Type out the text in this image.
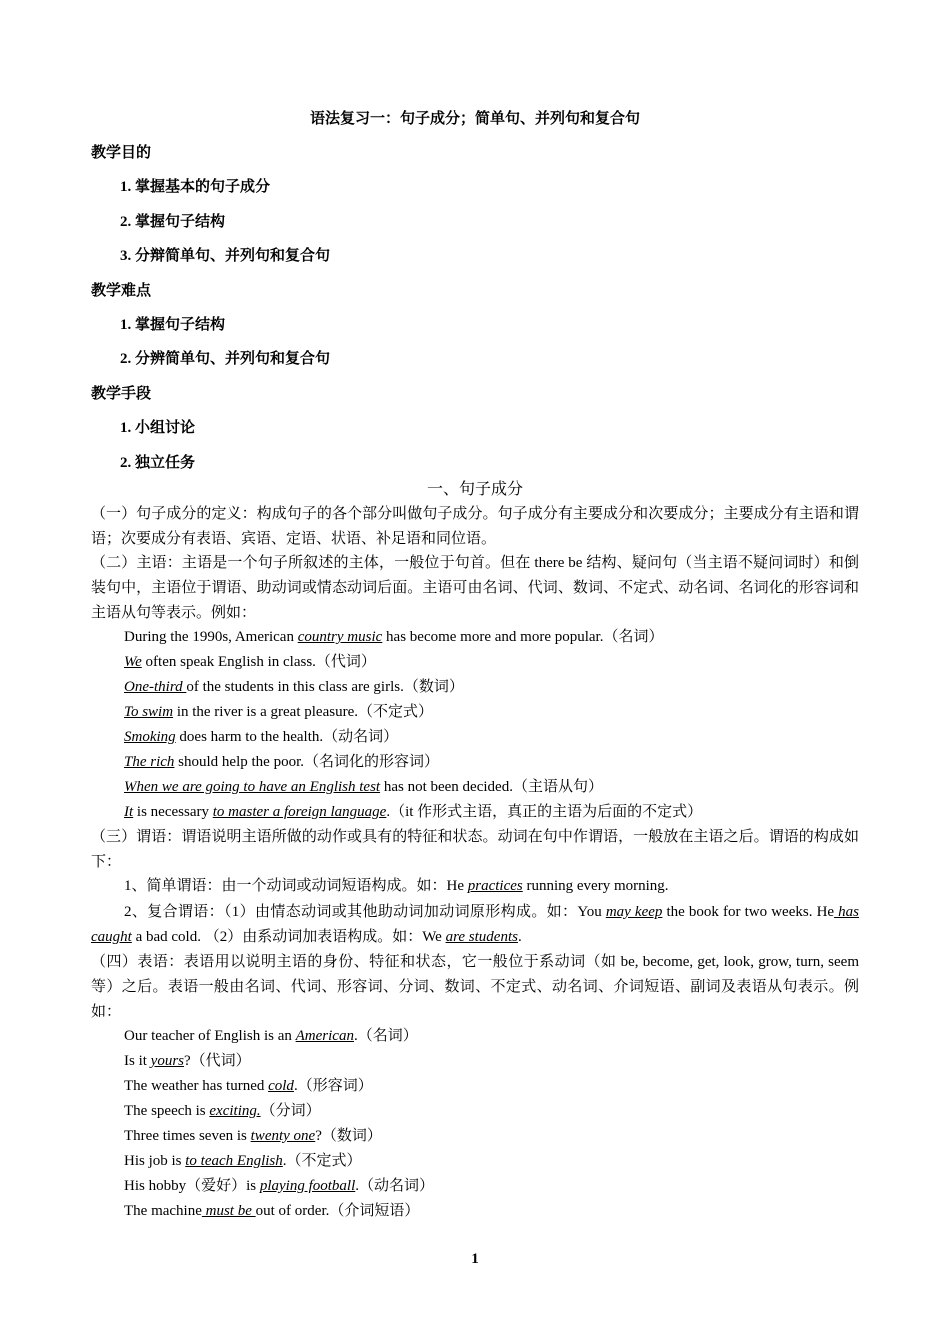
语法复习一：句子成分；简单句、并列句和复合句
教学目的
1. 掌握基本的句子成分
2. 掌握句子结构
3. 分辩简单句、并列句和复合句
教学难点
1. 掌握句子结构
2. 分辨简单句、并列句和复合句
教学手段
1. 小组讨论
2. 独立任务
一、句子成分
（一）句子成分的定义：构成句子的各个部分叫做句子成分。句子成分有主要成分和次要成分；主要成分有主语和谓语；次要成分有表语、宾语、定语、状语、补足语和同位语。
（二）主语：主语是一个句子所叙述的主体，一般位于句首。但在 there be 结构、疑问句（当主语不疑问词时）和倒装句中，主语位于谓语、助动词或情态动词后面。主语可由名词、代词、数词、不定式、动名词、名词化的形容词和主语从句等表示。例如：
During the 1990s, American country music has become more and more popular.（名词）
We often speak English in class.（代词）
One-third of the students in this class are girls.（数词）
To swim in the river is a great pleasure.（不定式）
Smoking does harm to the health.（动名词）
The rich should help the poor.（名词化的形容词）
When we are going to have an English test has not been decided.（主语从句）
It is necessary to master a foreign language.（it 作形式主语，真正的主语为后面的不定式）
（三）谓语：谓语说明主语所做的动作或具有的特征和状态。动词在句中作谓语，一般放在主语之后。谓语的构成如下：
1、简单谓语：由一个动词或动词短语构成。如：He practices running every morning.
2、复合谓语：（1）由情态动词或其他助动词加动词原形构成。如：You may keep the book for two weeks. He has caught a bad cold. （2）由系动词加表语构成。如：We are students.
（四）表语：表语用以说明主语的身份、特征和状态，它一般位于系动词（如 be, become, get, look, grow, turn, seem 等）之后。表语一般由名词、代词、形容词、分词、数词、不定式、动名词、介词短语、副词及表语从句表示。例如：
Our teacher of English is an American.（名词）
Is it yours?（代词）
The weather has turned cold.（形容词）
The speech is exciting.（分词）
Three times seven is twenty one?（数词）
His job is to teach English.（不定式）
His hobby（爱好）is playing football.（动名词）
The machine must be out of order.（介词短语）
1
